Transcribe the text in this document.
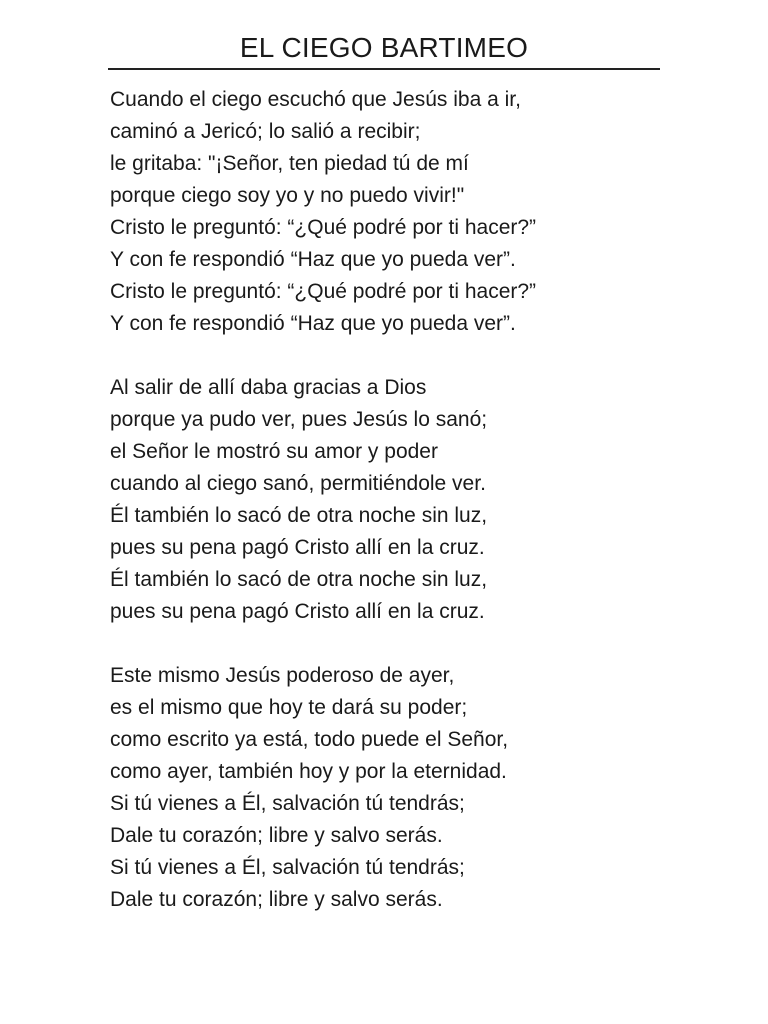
EL CIEGO BARTIMEO
Cuando el ciego escuchó que Jesús iba a ir,
caminó a Jericó; lo salió a recibir;
le gritaba: "¡Señor, ten piedad tú de mí
porque ciego soy yo y no puedo vivir!"
Cristo le preguntó: “¿Qué podré por ti hacer?”
Y con fe respondió “Haz que yo pueda ver”.
Cristo le preguntó: “¿Qué podré por ti hacer?”
Y con fe respondió “Haz que yo pueda ver”.
Al salir de allí daba gracias a Dios
porque ya pudo ver, pues Jesús lo sanó;
el Señor le mostró su amor y poder
cuando al ciego sanó, permitiéndole ver.
Él también lo sacó de otra noche sin luz,
pues su pena pagó Cristo allí en la cruz.
Él también lo sacó de otra noche sin luz,
pues su pena pagó Cristo allí en la cruz.
Este mismo Jesús poderoso de ayer,
es el mismo que hoy te dará su poder;
como escrito ya está, todo puede el Señor,
como ayer, también hoy y por la eternidad.
Si tú vienes a Él, salvación tú tendrás;
Dale tu corazón; libre y salvo serás.
Si tú vienes a Él, salvación tú tendrás;
Dale tu corazón; libre y salvo serás.
